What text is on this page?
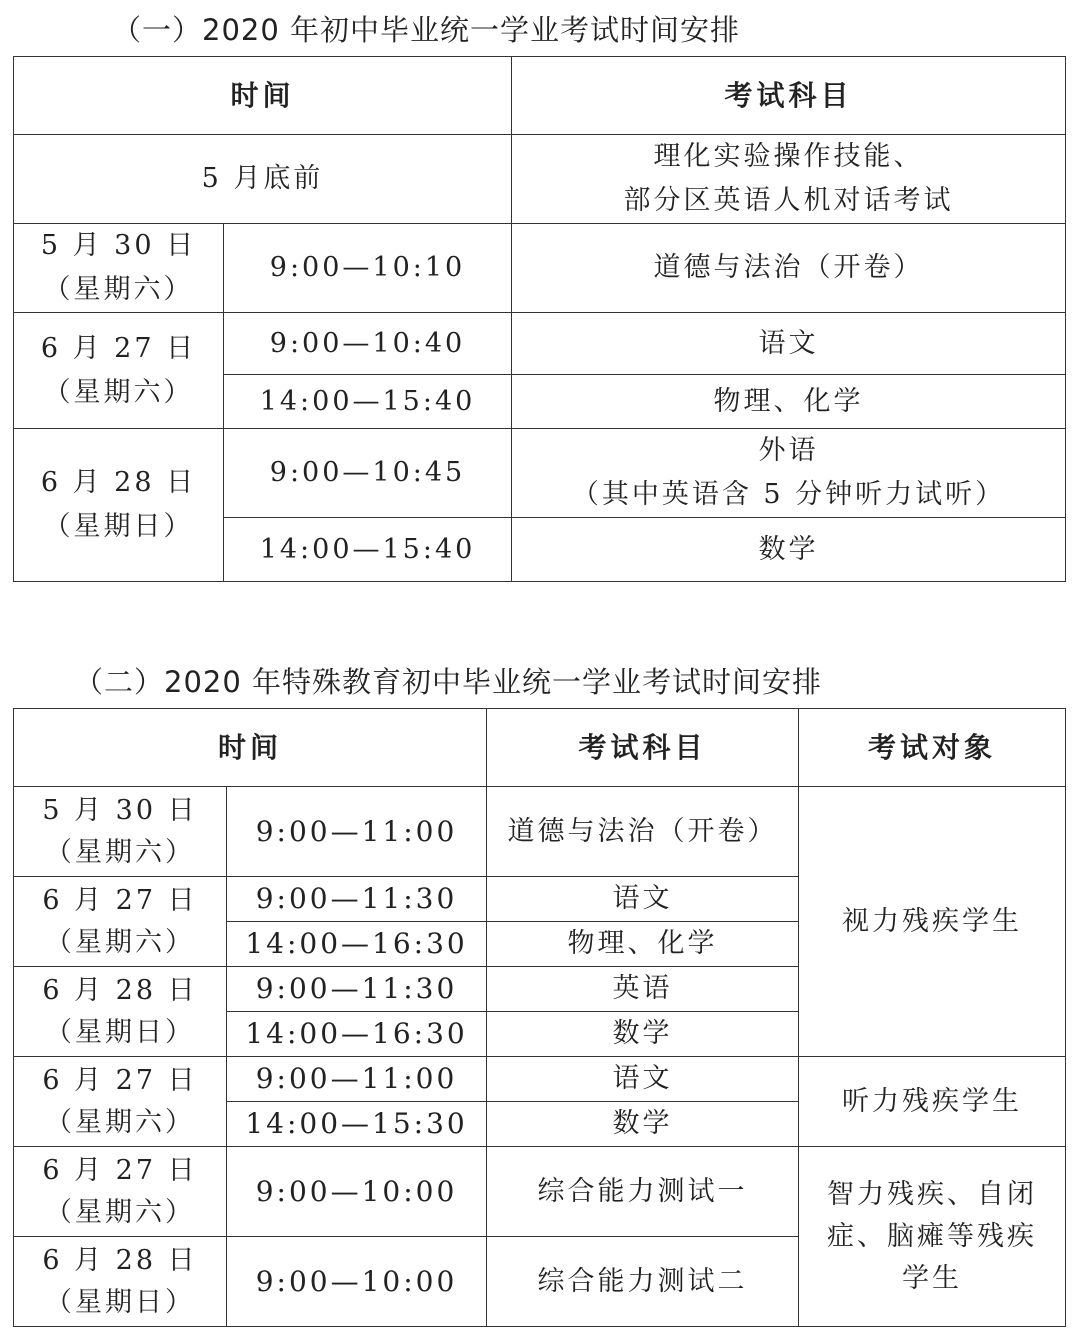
（一）2020 年初中毕业统一学业考试时间安排
时间		考试科目
5 月底前		理化实验操作技能、
部分区英语人机对话考试

5 月 30 日
（星期六）	9:00—10:10	道德与法治（开卷）

6 月 27 日
（星期六）	9:00—10:40	语文
	14:00—15:40	物理、化学

6 月 28 日
（星期日）	9:00—10:45	外语
（其中英语含 5 分钟听力试听）

	14:00—15:40	数学
（二）2020 年特殊教育初中毕业统一学业考试时间安排
时间		考试科目	考试对象

5 月 30 日
（星期六）	9:00—11:00	道德与法治（开卷）	视力残疾学生

6 月 27 日
（星期六）	9:00—11:30	语文	
	14:00—16:30	物理、化学	

6 月 28 日
（星期日）	9:00—11:30	英语	
	14:00—16:30	数学	

6 月 27 日
（星期六）	9:00—11:00	语文	听力残疾学生
	14:00—15:30	数学	

6 月 27 日
（星期六）	9:00—10:00	综合能力测试一	智力残疾、自闭症、脑瘫等残疾学生

6 月 28 日
（星期日）	9:00—10:00	综合能力测试二	
